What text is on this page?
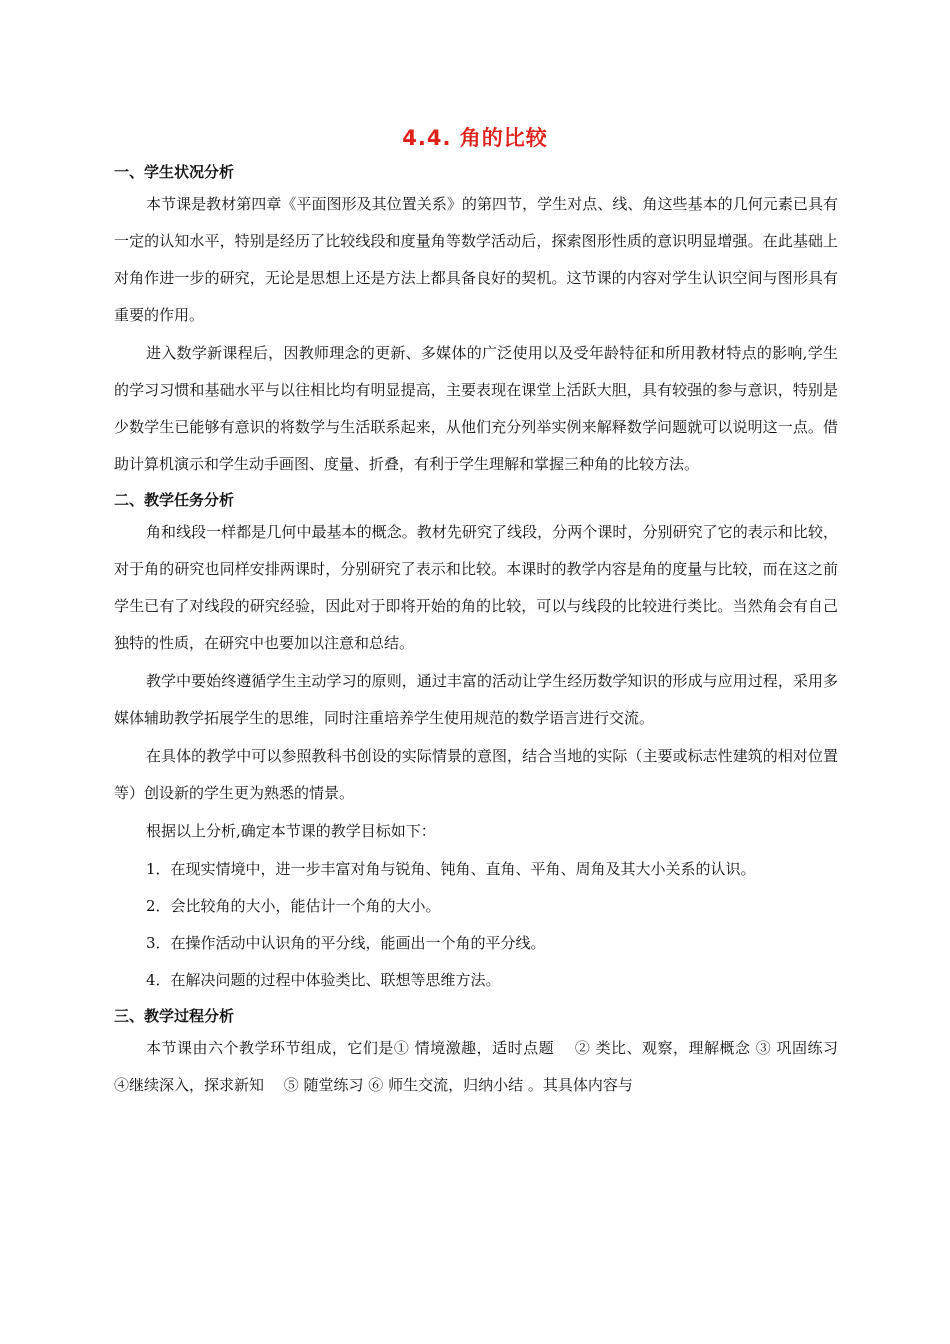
4.4. 角的比较
一、学生状况分析

本节课是教材第四章《平面图形及其位置关系》的第四节，学生对点、线、角这些基本的几何元素已具有一定的认知水平，特别是经历了比较线段和度量角等数学活动后，探索图形性质的意识明显增强。在此基础上对角作进一步的研究，无论是思想上还是方法上都具备良好的契机。这节课的内容对学生认识空间与图形具有重要的作用。

进入数学新课程后，因教师理念的更新、多媒体的广泛使用以及受年龄特征和所用教材特点的影响,学生的学习习惯和基础水平与以往相比均有明显提高，主要表现在课堂上活跃大胆，具有较强的参与意识，特别是少数学生已能够有意识的将数学与生活联系起来，从他们充分列举实例来解释数学问题就可以说明这一点。借助计算机演示和学生动手画图、度量、折叠，有利于学生理解和掌握三种角的比较方法。

二、教学任务分析

角和线段一样都是几何中最基本的概念。教材先研究了线段，分两个课时，分别研究了它的表示和比较，对于角的研究也同样安排两课时，分别研究了表示和比较。本课时的教学内容是角的度量与比较，而在这之前学生已有了对线段的研究经验，因此对于即将开始的角的比较，可以与线段的比较进行类比。当然角会有自己独特的性质，在研究中也要加以注意和总结。

教学中要始终遵循学生主动学习的原则，通过丰富的活动让学生经历数学知识的形成与应用过程，采用多媒体辅助教学拓展学生的思维，同时注重培养学生使用规范的数学语言进行交流。

在具体的教学中可以参照教科书创设的实际情景的意图，结合当地的实际（主要或标志性建筑的相对位置等）创设新的学生更为熟悉的情景。

根据以上分析,确定本节课的教学目标如下：

1．在现实情境中，进一步丰富对角与锐角、钝角、直角、平角、周角及其大小关系的认识。
2．会比较角的大小，能估计一个角的大小。
3．在操作活动中认识角的平分线，能画出一个角的平分线。
4．在解决问题的过程中体验类比、联想等思维方法。
三、教学过程分析

本节课由六个教学环节组成，它们是① 情境激趣，适时点题　 ② 类比、观察，理解概念 ③ 巩固练习　 ④继续深入，探求新知　 ⑤ 随堂练习 ⑥ 师生交流，归纳小结 。其具体内容与
